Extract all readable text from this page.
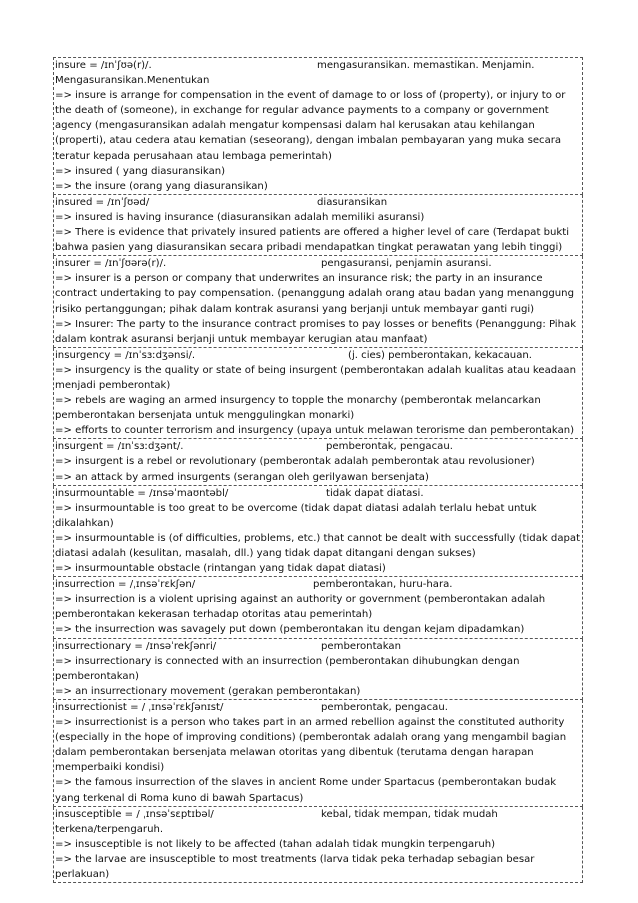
insure = /ɪnˈʃʊə(r)/.	mengasuransikan. memastikan. Menjamin.
Mengasuransikan.Menentukan
=> insure is arrange for compensation in the event of damage to or loss of (property), or injury to or the death of (someone), in exchange for regular advance payments to a company or government agency (mengasuransikan adalah mengatur kompensasi dalam hal kerusakan atau kehilangan (properti), atau cedera atau kematian (seseorang), dengan imbalan pembayaran yang muka secara teratur kepada perusahaan atau lembaga pemerintah)
=> insured ( yang diasuransikan)
=> the insure (orang yang diasuransikan)
insured = /ɪnˈʃʊəd/	diasuransikan
=> insured is having insurance (diasuransikan adalah memiliki asuransi)
=> There is evidence that privately insured patients are offered a higher level of care (Terdapat bukti bahwa pasien yang diasuransikan secara pribadi mendapatkan tingkat perawatan yang lebih tinggi)
insurer = /ɪnˈʃʊərə(r)/.	pengasuransi, penjamin asuransi.
=> insurer is a person or company that underwrites an insurance risk; the party in an insurance contract undertaking to pay compensation. (penanggung adalah orang atau badan yang menanggung risiko pertanggungan; pihak dalam kontrak asuransi yang berjanji untuk membayar ganti rugi)
=> Insurer: The party to the insurance contract promises to pay losses or benefits (Penanggung: Pihak dalam kontrak asuransi berjanji untuk membayar kerugian atau manfaat)
insurgency = /ɪnˈsɜːdʒənsi/.	(j. cies) pemberontakan, kekacauan.
=> insurgency is the quality or state of being insurgent (pemberontakan adalah kualitas atau keadaan menjadi pemberontak)
=> rebels are waging an armed insurgency to topple the monarchy (pemberontak melancarkan pemberontakan bersenjata untuk menggulingkan monarki)
=> efforts to counter terrorism and insurgency (upaya untuk melawan terorisme dan pemberontakan)
insurgent = /ɪnˈsɜːdʒənt/.	pemberontak, pengacau.
=> insurgent is a rebel or revolutionary (pemberontak adalah pemberontak atau revolusioner)
=> an attack by armed insurgents (serangan oleh gerilyawan bersenjata)
insurmountable = /ɪnsəˈmaʊntəbl/	tidak dapat diatasi.
=> insurmountable is too great to be overcome (tidak dapat diatasi adalah terlalu hebat untuk dikalahkan)
=> insurmountable is (of difficulties, problems, etc.) that cannot be dealt with successfully (tidak dapat diatasi adalah (kesulitan, masalah, dll.) yang tidak dapat ditangani dengan sukses)
=> insurmountable obstacle (rintangan yang tidak dapat diatasi)
insurrection = /ˌɪnsəˈrɛkʃən/	pemberontakan, huru-hara.
=> insurrection is a violent uprising against an authority or government (pemberontakan adalah pemberontakan kekerasan terhadap otoritas atau pemerintah)
=> the insurrection was savagely put down (pemberontakan itu dengan kejam dipadamkan)
insurrectionary = /ɪnsəˈrekʃənri/	pemberontakan
=> insurrectionary is connected with an insurrection (pemberontakan dihubungkan dengan pemberontakan)
=> an insurrectionary movement (gerakan pemberontakan)
insurrectionist = / ˌɪnsəˈrɛkʃənɪst/	pemberontak, pengacau.
=> insurrectionist is a person who takes part in an armed rebellion against the constituted authority (especially in the hope of improving conditions) (pemberontak adalah orang yang mengambil bagian dalam pemberontakan bersenjata melawan otoritas yang dibentuk (terutama dengan harapan memperbaiki kondisi)
=> the famous insurrection of the slaves in ancient Rome under Spartacus (pemberontakan budak yang terkenal di Roma kuno di bawah Spartacus)
insusceptible = / ˌɪnsəˈsɛptɪbəl/	kebal, tidak mempan, tidak mudah
terkena/terpengaruh.
=> insusceptible is not likely to be affected (tahan adalah tidak mungkin terpengaruh)
=> the larvae are insusceptible to most treatments (larva tidak peka terhadap sebagian besar perlakuan)
